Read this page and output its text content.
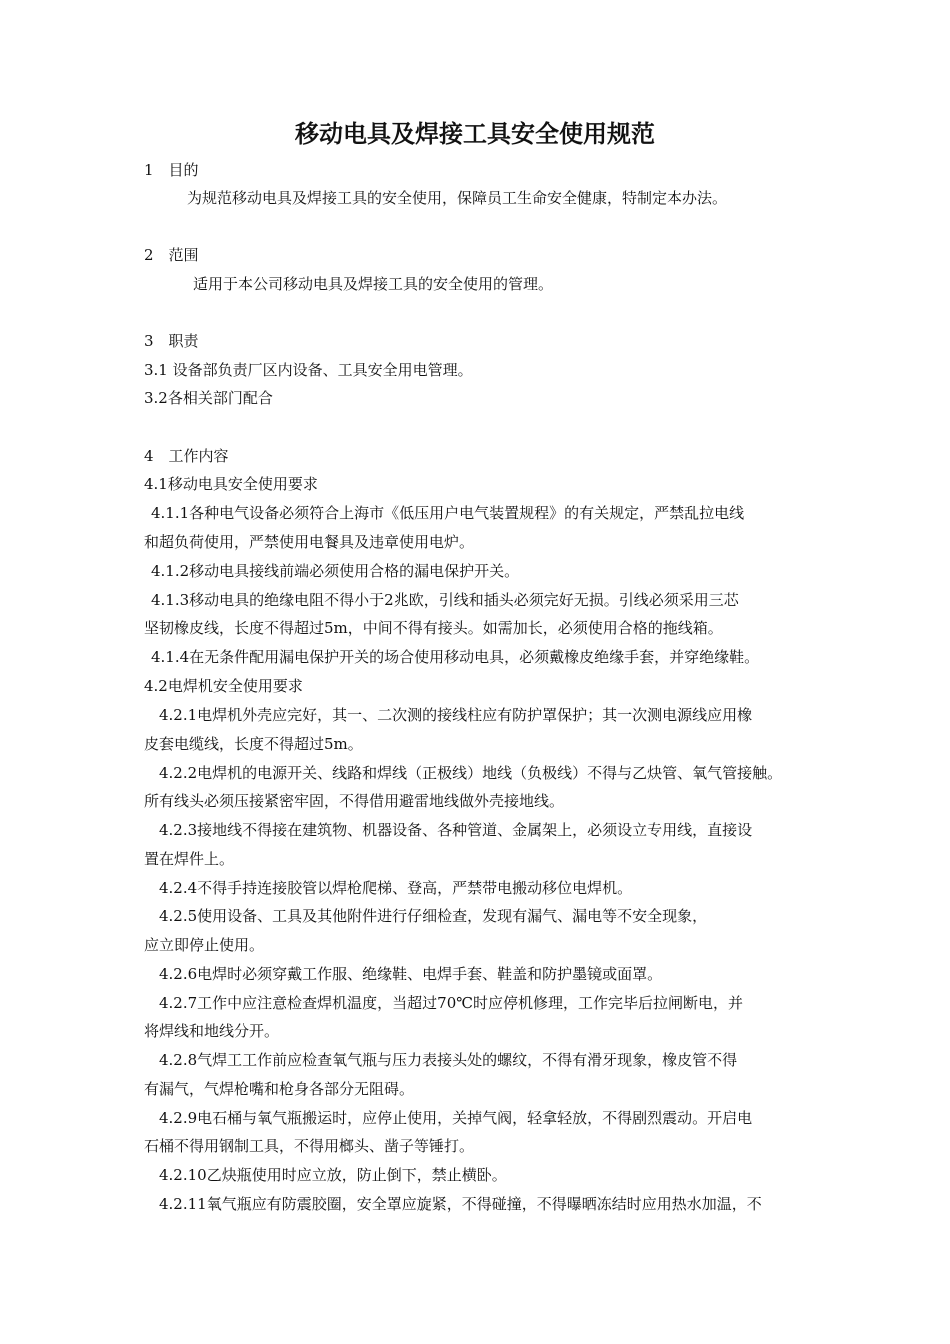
移动电具及焊接工具安全使用规范
1　目的
为规范移动电具及焊接工具的安全使用，保障员工生命安全健康，特制定本办法。
2　范围
适用于本公司移动电具及焊接工具的安全使用的管理。
3　职责
3.1 设备部负责厂区内设备、工具安全用电管理。
3.2各相关部门配合
4　工作内容
4.1移动电具安全使用要求
4.1.1各种电气设备必须符合上海市《低压用户电气装置规程》的有关规定，严禁乱拉电线
和超负荷使用，严禁使用电餐具及违章使用电炉。
4.1.2移动电具接线前端必须使用合格的漏电保护开关。
4.1.3移动电具的绝缘电阻不得小于2兆欧，引线和插头必须完好无损。引线必须采用三芯
坚韧橡皮线，长度不得超过5m，中间不得有接头。如需加长，必须使用合格的拖线箱。
4.1.4在无条件配用漏电保护开关的场合使用移动电具，必须戴橡皮绝缘手套，并穿绝缘鞋。
4.2电焊机安全使用要求
4.2.1电焊机外壳应完好，其一、二次测的接线柱应有防护罩保护；其一次测电源线应用橡
皮套电缆线，长度不得超过5m。
4.2.2电焊机的电源开关、线路和焊线（正极线）地线（负极线）不得与乙炔管、氧气管接触。
所有线头必须压接紧密牢固，不得借用避雷地线做外壳接地线。
4.2.3接地线不得接在建筑物、机器设备、各种管道、金属架上，必须设立专用线，直接设
置在焊件上。
4.2.4不得手持连接胶管以焊枪爬梯、登高，严禁带电搬动移位电焊机。
4.2.5使用设备、工具及其他附件进行仔细检查，发现有漏气、漏电等不安全现象，
应立即停止使用。
4.2.6电焊时必须穿戴工作服、绝缘鞋、电焊手套、鞋盖和防护墨镜或面罩。
4.2.7工作中应注意检查焊机温度，当超过70℃时应停机修理，工作完毕后拉闸断电，并
将焊线和地线分开。
4.2.8气焊工工作前应检查氧气瓶与压力表接头处的螺纹，不得有滑牙现象，橡皮管不得
有漏气，气焊枪嘴和枪身各部分无阻碍。
4.2.9电石桶与氧气瓶搬运时，应停止使用，关掉气阀，轻拿轻放，不得剧烈震动。开启电
石桶不得用钢制工具，不得用榔头、凿子等锤打。
4.2.10乙炔瓶使用时应立放，防止倒下，禁止横卧。
4.2.11氧气瓶应有防震胶圈，安全罩应旋紧，不得碰撞，不得曝晒冻结时应用热水加温，不
